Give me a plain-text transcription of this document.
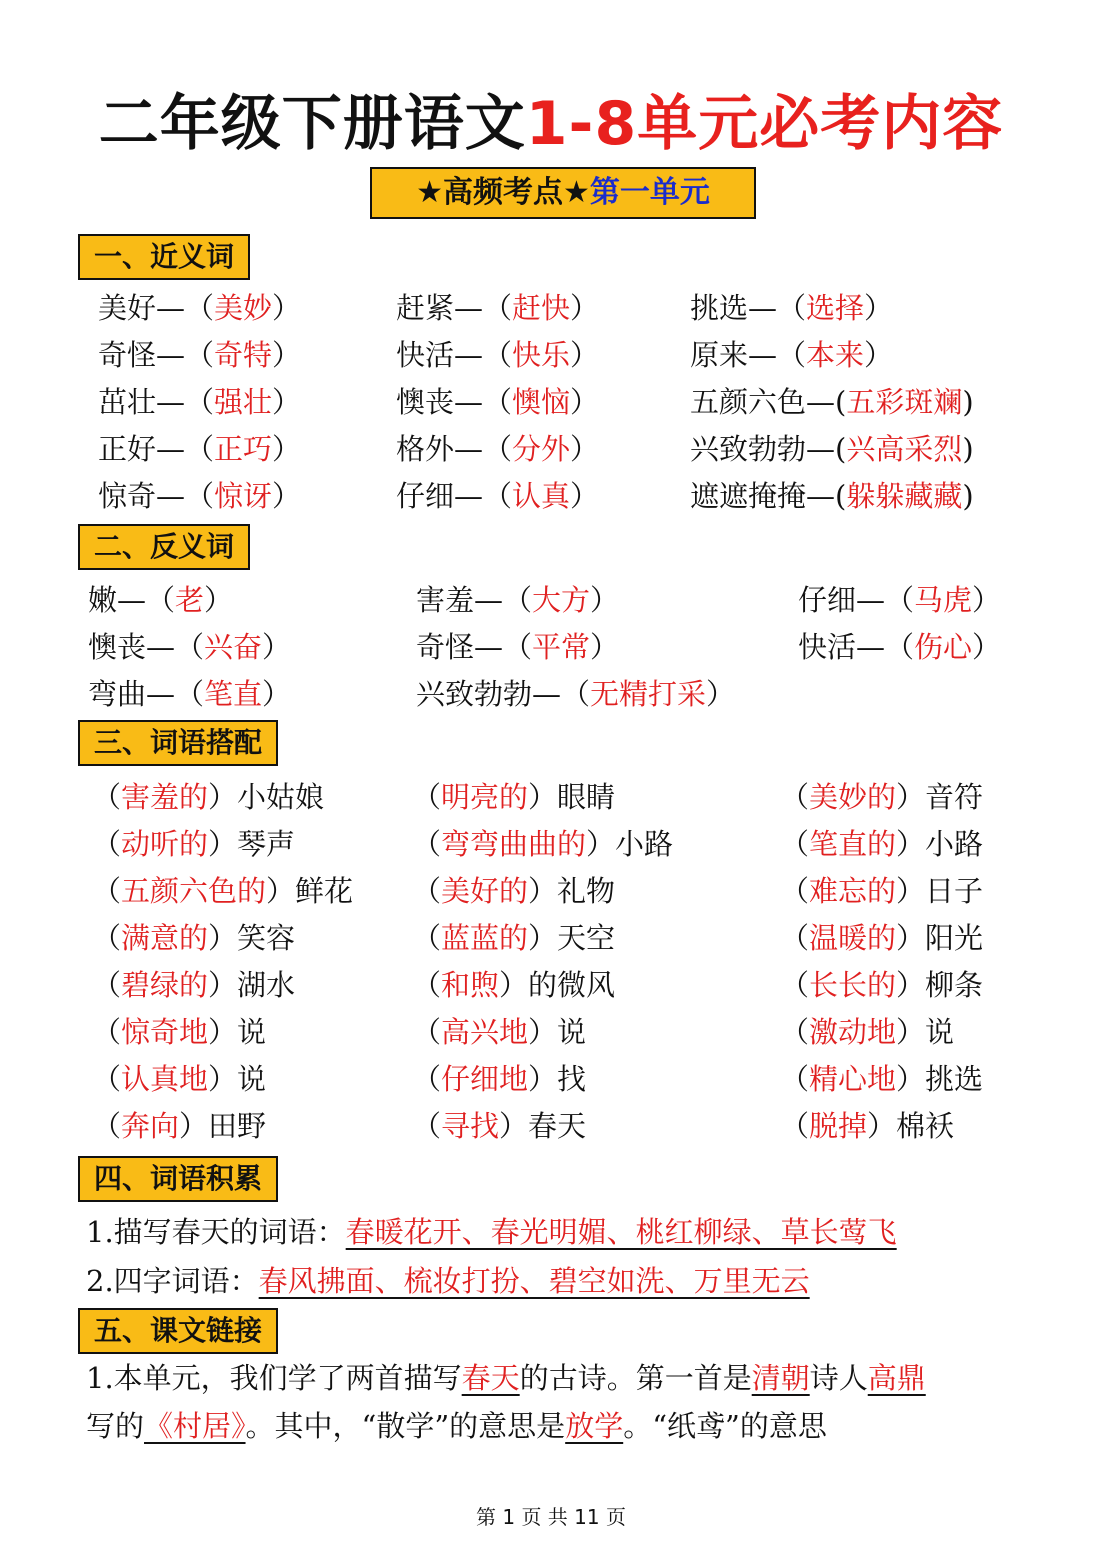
二年级下册语文1-8单元必考内容
★高频考点★第一单元
一、近义词
美好—（美妙）	赶紧—（赶快）	挑选—（选择）
奇怪—（奇特）	快活—（快乐）	原来—（本来）
茁壮—（强壮）	懊丧—（懊恼）	五颜六色—(五彩斑斓)
正好—（正巧）	格外—（分外）	兴致勃勃—(兴高采烈)
惊奇—（惊讶）	仔细—（认真）	遮遮掩掩—(躲躲藏藏)
二、反义词
嫩—（老）	害羞—（大方）	仔细—（马虎）
懊丧—（兴奋）	奇怪—（平常）	快活—（伤心）
弯曲—（笔直）	兴致勃勃—（无精打采）
三、词语搭配
（害羞的）小姑娘	（明亮的）眼睛	（美妙的）音符
（动听的）琴声	（弯弯曲曲的）小路	（笔直的）小路
（五颜六色的）鲜花 （美好的）礼物	（难忘的）日子
（满意的）笑容	（蓝蓝的）天空	（温暖的）阳光
（碧绿的）湖水	（和煦）的微风	（长长的）柳条
（惊奇地）说	（高兴地）说	（激动地）说
（认真地）说	（仔细地）找	（精心地）挑选
（奔向）田野	（寻找）春天	（脱掉）棉袄
四、词语积累
1.描写春天的词语：春暖花开、春光明媚、桃红柳绿、草长莺飞
2.四字词语：春风拂面、梳妆打扮、碧空如洗、万里无云
五、课文链接
1.本单元，我们学了两首描写春天的古诗。第一首是清朝诗人高鼎
写的《村居》。其中，“散学”的意思是放学。“纸鸢”的意思
第 1 页 共 11 页
